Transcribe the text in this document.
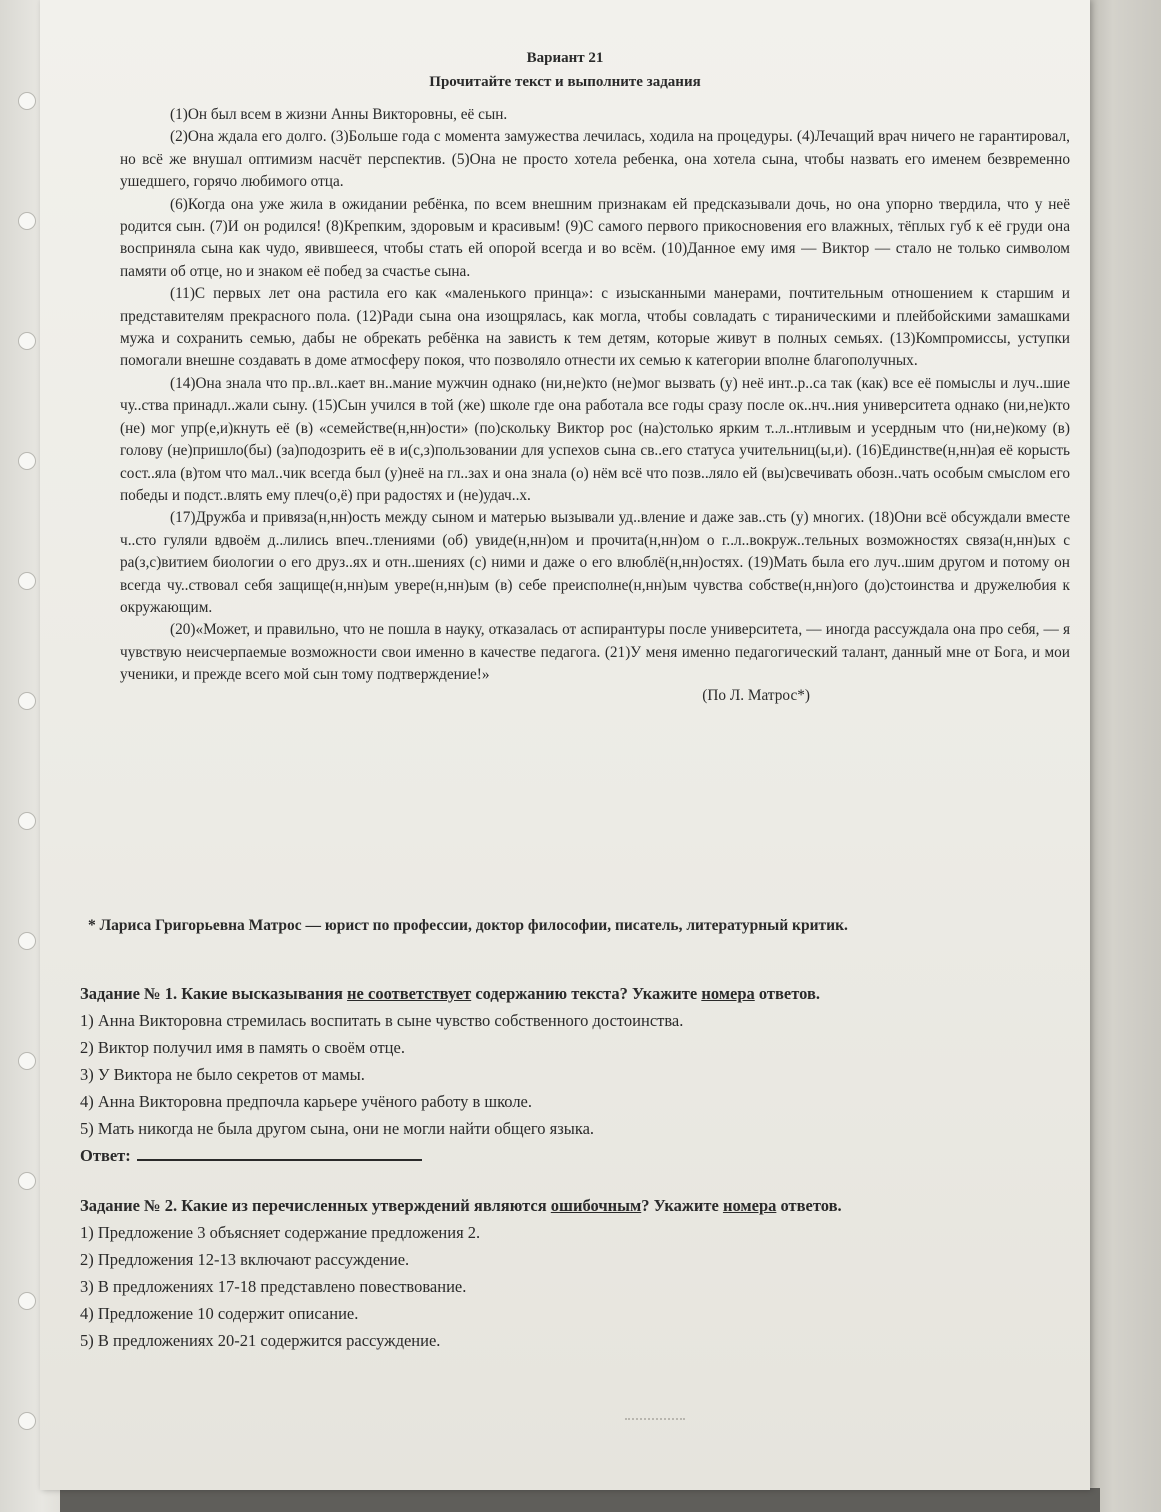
Вариант 21
Прочитайте текст и выполните задания

(1)Он был всем в жизни Анны Викторовны, её сын.

(2)Она ждала его долго. (3)Больше года с момента замужества лечилась, ходила на процедуры. (4)Лечащий врач ничего не гарантировал, но всё же внушал оптимизм насчёт перспектив. (5)Она не просто хотела ребенка, она хотела сына, чтобы назвать его именем безвременно ушедшего, горячо любимого отца.

(6)Когда она уже жила в ожидании ребёнка, по всем внешним признакам ей предсказывали дочь, но она упорно твердила, что у неё родится сын. (7)И он родился! (8)Крепким, здоровым и красивым! (9)С самого первого прикосновения его влажных, тёплых губ к её груди она восприняла сына как чудо, явившееся, чтобы стать ей опорой всегда и во всём. (10)Данное ему имя — Виктор — стало не только символом памяти об отце, но и знаком её побед за счастье сына.

(11)С первых лет она растила его как «маленького принца»: с изысканными манерами, почтительным отношением к старшим и представителям прекрасного пола. (12)Ради сына она изощрялась, как могла, чтобы совладать с тираническими и плейбойскими замашками мужа и сохранить семью, дабы не обрекать ребёнка на зависть к тем детям, которые живут в полных семьях. (13)Компромиссы, уступки помогали внешне создавать в доме атмосферу покоя, что позволяло отнести их семью к категории вполне благополучных.

(14)Она знала что пр..вл..кает вн..мание мужчин однако (ни,не)кто (не)мог вызвать (у) неё инт..р..са так (как) все её помыслы и луч..шие чу..ства принадл..жали сыну. (15)Сын учился в той (же) школе где она работала все годы сразу после ок..нч..ния университета однако (ни,не)кто (не) мог упр(е,и)кнуть её (в) «семействе(н,нн)ости» (по)скольку Виктор рос (на)столько ярким т..л..нтливым и усердным что (ни,не)кому (в) голову (не)пришло(бы) (за)подозрить её в и(с,з)пользовании для успехов сына св..его статуса учительниц(ы,и). (16)Единстве(н,нн)ая её корысть сост..яла (в)том что мал..чик всегда был (у)неё на гл..зах и она знала (о) нём всё что позв..ляло ей (вы)свечивать обозн..чать особым смыслом его победы и подст..влять ему плеч(о,ё) при радостях и (не)удач..х.

(17)Дружба и привяза(н,нн)ость между сыном и матерью вызывали уд..вление и даже зав..сть (у) многих. (18)Они всё обсуждали вместе ч..сто гуляли вдвоём д..лились впеч..тлениями (об) увиде(н,нн)ом и прочита(н,нн)ом о г..л..вокруж..тельных возможностях связа(н,нн)ых с ра(з,с)витием биологии о его друз..ях и отн..шениях (с) ними и даже о его влюблё(н,нн)остях. (19)Мать была его луч..шим другом и потому он всегда чу..ствовал себя защище(н,нн)ым увере(н,нн)ым (в) себе преисполне(н,нн)ым чувства собстве(н,нн)ого (до)стоинства и дружелюбия к окружающим.

(20)«Может, и правильно, что не пошла в науку, отказалась от аспирантуры после университета, — иногда рассуждала она про себя, — я чувствую неисчерпаемые возможности свои именно в качестве педагога. (21)У меня именно педагогический талант, данный мне от Бога, и мои ученики, и прежде всего мой сын тому подтверждение!»

(По Л. Матрос*)
* Лариса Григорьевна Матрос — юрист по профессии, доктор философии, писатель, литературный критик.
Задание № 1. Какие высказывания не соответствует содержанию текста? Укажите номера ответов.
1) Анна Викторовна стремилась воспитать в сыне чувство собственного достоинства.
2) Виктор получил имя в память о своём отце.
3) У Виктора не было секретов от мамы.
4) Анна Викторовна предпочла карьере учёного работу в школе.
5) Мать никогда не была другом сына, они не могли найти общего языка.
Ответ:
Задание № 2. Какие из перечисленных утверждений являются ошибочным? Укажите номера ответов.
1) Предложение 3 объясняет содержание предложения 2.
2) Предложения 12-13 включают рассуждение.
3) В предложениях 17-18 представлено повествование.
4) Предложение 10 содержит описание.
5) В предложениях 20-21 содержится рассуждение.
